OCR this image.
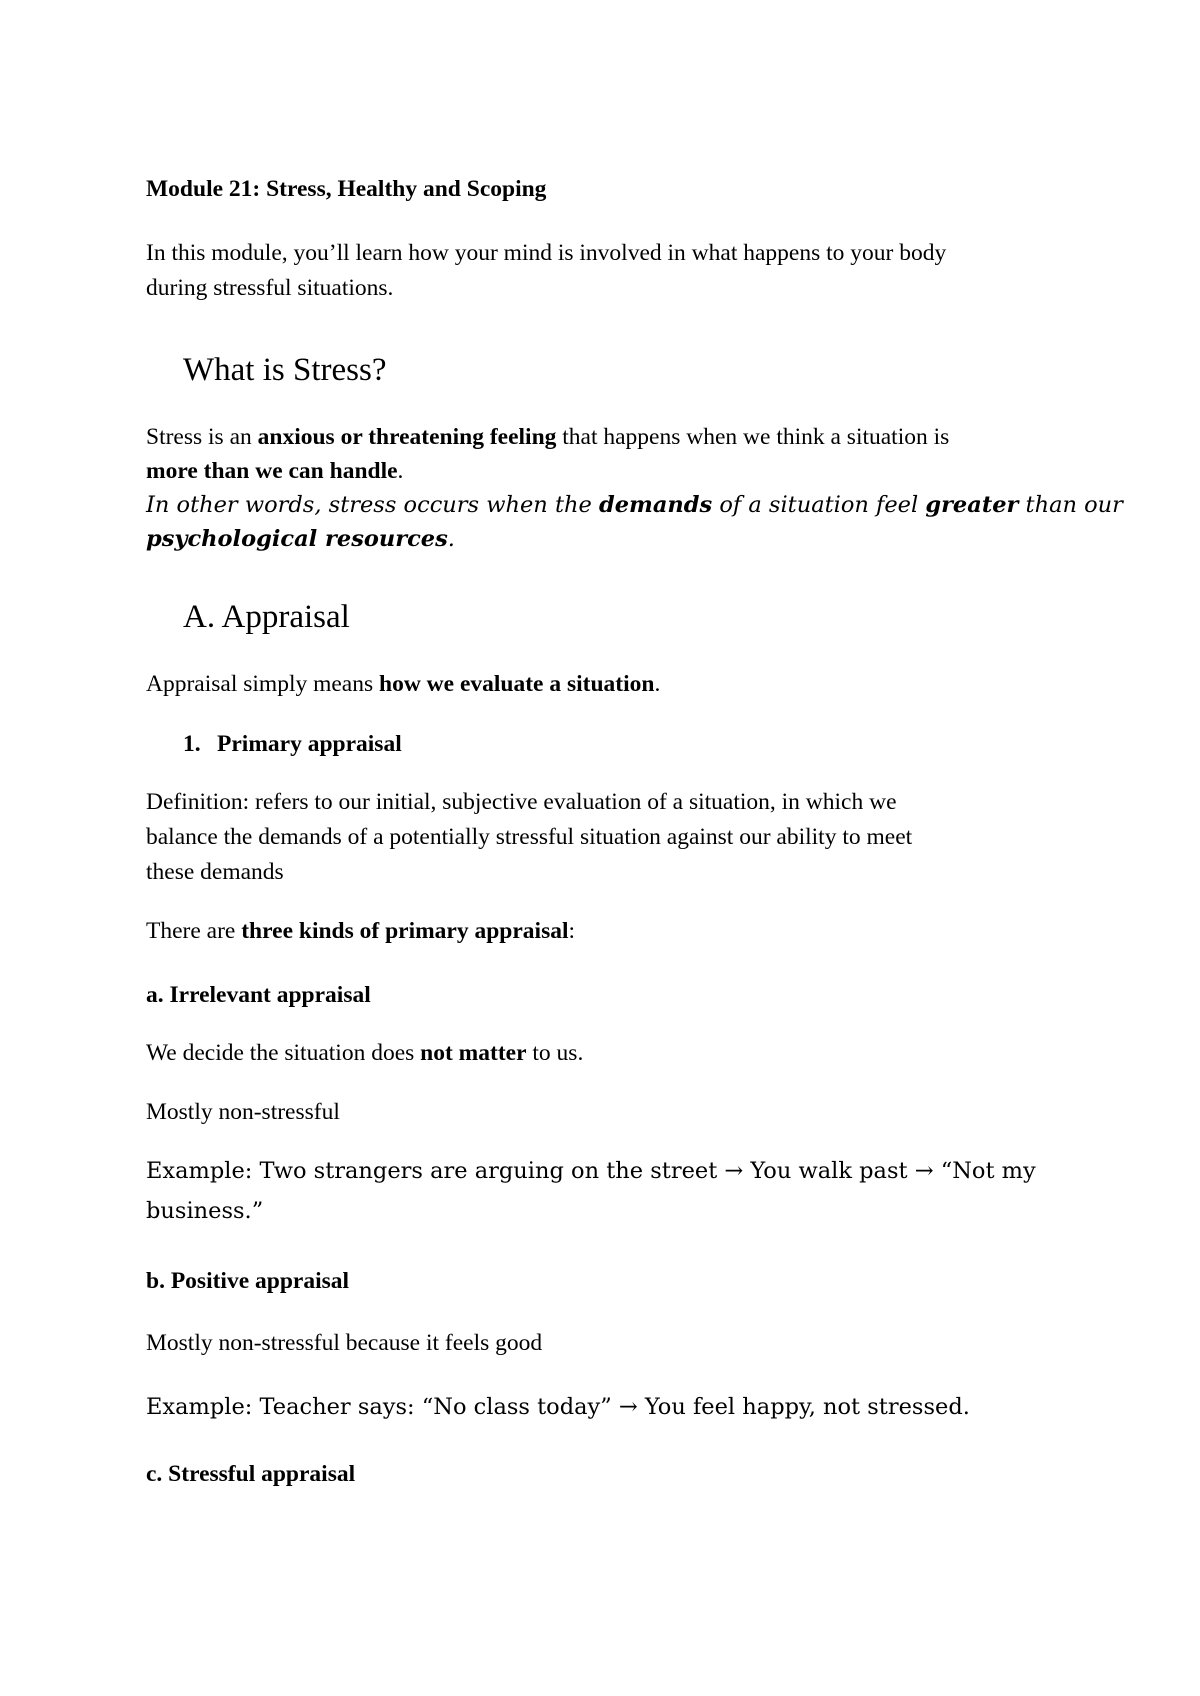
Module 21: Stress, Healthy and Scoping

In this module, you’ll learn how your mind is involved in what happens to your body

during stressful situations.

What is Stress?

Stress is an anxious or threatening feeling that happens when we think a situation is

more than we can handle.

In other words, stress occurs when the demands of a situation feel greater than our

psychological resources.

A. Appraisal

Appraisal simply means how we evaluate a situation.

1. Primary appraisal

Definition: refers to our initial, subjective evaluation of a situation, in which we

balance the demands of a potentially stressful situation against our ability to meet

these demands

There are three kinds of primary appraisal:

a. Irrelevant appraisal

We decide the situation does not matter to us.

Mostly non-stressful

Example: Two strangers are arguing on the street → You walk past → “Not my

business.”

b. Positive appraisal

Mostly non-stressful because it feels good

Example: Teacher says: “No class today” → You feel happy, not stressed.

c. Stressful appraisal
